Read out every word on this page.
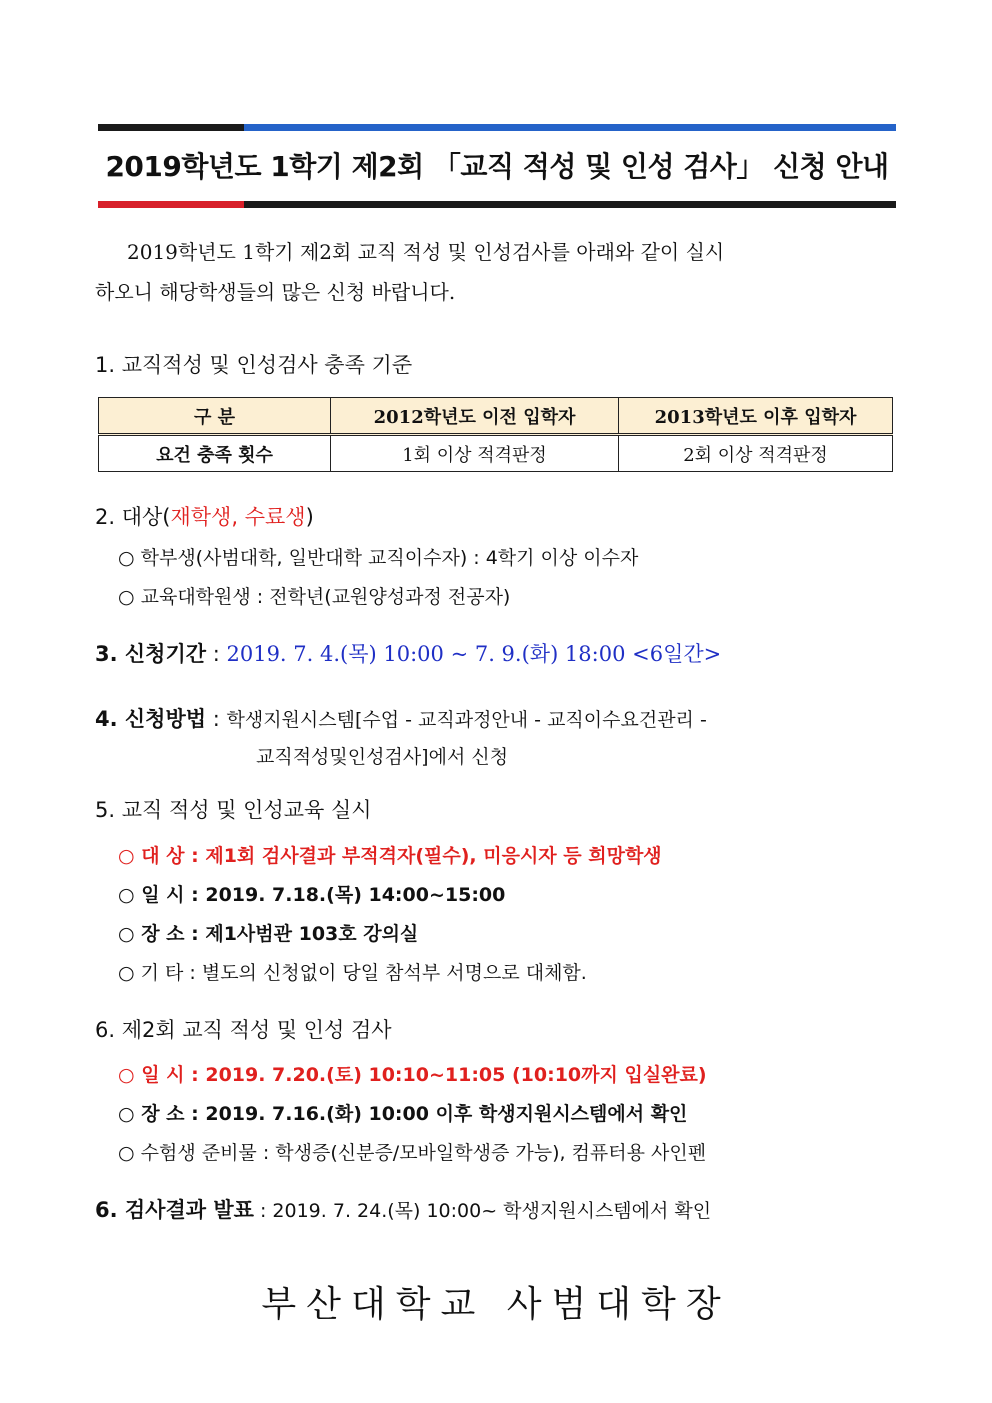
2019학년도 1학기 제2회 「교직 적성 및 인성 검사」 신청 안내

2019학년도 1학기 제2회 교직 적성 및 인성검사를 아래와 같이 실시

하오니 해당학생들의 많은 신청 바랍니다.

1. 교직적성 및 인성검사 충족 기준
구 분	2012학년도 이전 입학자	2013학년도 이후 입학자
요건 충족 횟수	1회 이상 적격판정	2회 이상 적격판정
2. 대상(재학생, 수료생)
○ 학부생(사범대학, 일반대학 교직이수자) : 4학기 이상 이수자
○ 교육대학원생 : 전학년(교원양성과정 전공자)
3. 신청기간 : 2019. 7. 4.(목) 10:00 ~ 7. 9.(화) 18:00 <6일간>
4. 신청방법 : 학생지원시스템[수업 - 교직과정안내 - 교직이수요건관리 -
교직적성및인성검사]에서 신청
5. 교직 적성 및 인성교육 실시
○ 대 상 : 제1회 검사결과 부적격자(필수), 미응시자 등 희망학생
○ 일 시 : 2019. 7.18.(목) 14:00~15:00
○ 장 소 : 제1사범관 103호 강의실
○ 기 타 : 별도의 신청없이 당일 참석부 서명으로 대체함.
6. 제2회 교직 적성 및 인성 검사
○ 일 시 : 2019. 7.20.(토) 10:10~11:05 (10:10까지 입실완료)
○ 장 소 : 2019. 7.16.(화) 10:00 이후 학생지원시스템에서 확인
○ 수험생 준비물 : 학생증(신분증/모바일학생증 가능), 컴퓨터용 사인펜
6. 검사결과 발표 : 2019. 7. 24.(목) 10:00~ 학생지원시스템에서 확인
부산대학교 사범대학장
